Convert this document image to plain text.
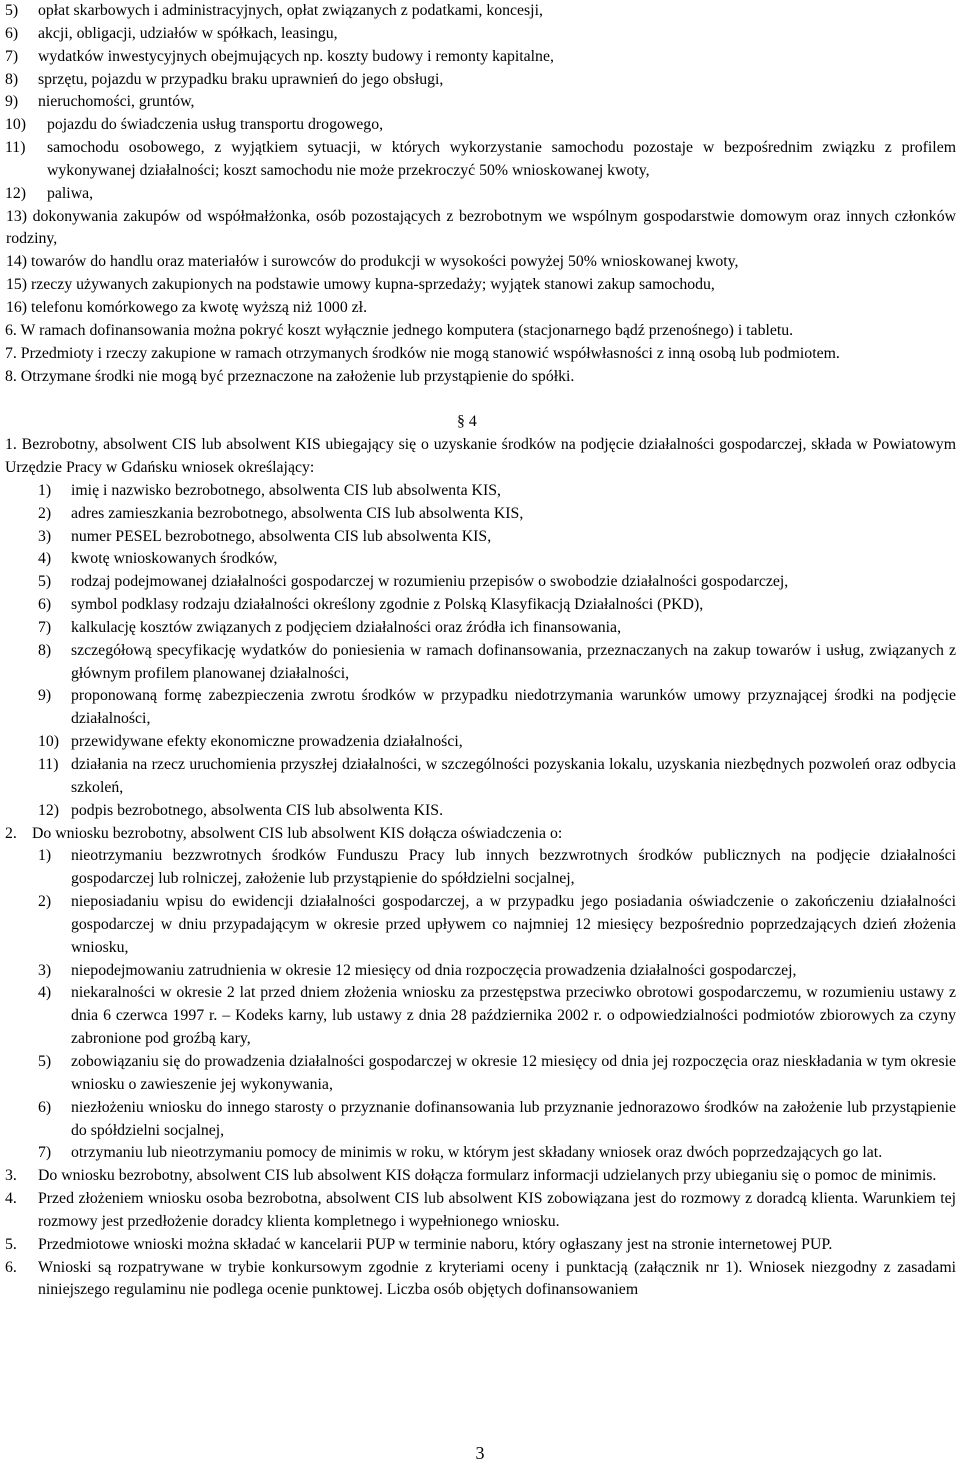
5)	opłat skarbowych i administracyjnych, opłat związanych z podatkami, koncesji,
6)	akcji, obligacji, udziałów w spółkach, leasingu,
7)	wydatków inwestycyjnych obejmujących np. koszty budowy i remonty kapitalne,
8)	sprzętu, pojazdu w przypadku braku uprawnień do jego obsługi,
9)	nieruchomości, gruntów,
10)	pojazdu do świadczenia usług transportu drogowego,
11)	samochodu osobowego, z wyjątkiem sytuacji, w których wykorzystanie samochodu pozostaje w bezpośrednim związku z profilem wykonywanej działalności; koszt samochodu nie może przekroczyć 50% wnioskowanej kwoty,
12)	paliwa,
13) dokonywania zakupów od współmałżonka, osób pozostających z bezrobotnym we wspólnym gospodarstwie domowym oraz innych członków rodziny,
14) towarów do handlu oraz materiałów i surowców do produkcji w wysokości powyżej 50% wnioskowanej kwoty,
15) rzeczy używanych zakupionych na podstawie umowy kupna-sprzedaży; wyjątek stanowi zakup samochodu,
16) telefonu komórkowego za kwotę wyższą niż 1000 zł.
6. W ramach dofinansowania można pokryć koszt wyłącznie jednego komputera (stacjonarnego bądź przenośnego) i tabletu.
7. Przedmioty i rzeczy zakupione w ramach otrzymanych środków nie mogą stanowić współwłasności z inną osobą lub podmiotem.
8. Otrzymane środki nie mogą być przeznaczone na założenie lub przystąpienie do spółki.
§ 4
1. Bezrobotny, absolwent CIS lub absolwent KIS ubiegający się o uzyskanie środków na podjęcie działalności gospodarczej, składa w Powiatowym Urzędzie Pracy w Gdańsku wniosek określający:
1)	imię i nazwisko bezrobotnego, absolwenta CIS lub absolwenta KIS,
2)	adres zamieszkania bezrobotnego, absolwenta CIS lub absolwenta KIS,
3)	numer PESEL bezrobotnego, absolwenta CIS lub absolwenta KIS,
4)	kwotę wnioskowanych środków,
5)	rodzaj podejmowanej działalności gospodarczej w rozumieniu przepisów o swobodzie działalności gospodarczej,
6)	symbol podklasy rodzaju działalności określony zgodnie z Polską Klasyfikacją Działalności (PKD),
7)	kalkulację kosztów związanych z podjęciem działalności oraz źródła ich finansowania,
8)	szczegółową specyfikację wydatków do poniesienia w ramach dofinansowania, przeznaczanych na zakup towarów i usług, związanych z głównym profilem planowanej działalności,
9)	proponowaną formę zabezpieczenia zwrotu środków w przypadku niedotrzymania warunków umowy przyznającej środki na podjęcie działalności,
10) przewidywane efekty ekonomiczne prowadzenia działalności,
11) działania na rzecz uruchomienia przyszłej działalności, w szczególności pozyskania lokalu, uzyskania niezbędnych pozwoleń oraz odbycia szkoleń,
12) podpis bezrobotnego, absolwenta CIS lub absolwenta KIS.
2. Do wniosku bezrobotny, absolwent CIS lub absolwent KIS dołącza oświadczenia o:
1)	nieotrzymaniu bezzwrotnych środków Funduszu Pracy lub innych bezzwrotnych środków publicznych na podjęcie działalności gospodarczej lub rolniczej, założenie lub przystąpienie do spółdzielni socjalnej,
2)	nieposiadaniu wpisu do ewidencji działalności gospodarczej, a w przypadku jego posiadania oświadczenie o zakończeniu działalności gospodarczej w dniu przypadającym w okresie przed upływem co najmniej 12 miesięcy bezpośrednio poprzedzających dzień złożenia wniosku,
3)	niepodejmowaniu zatrudnienia w okresie 12 miesięcy od dnia rozpoczęcia prowadzenia działalności gospodarczej,
4)	niekaralności w okresie 2 lat przed dniem złożenia wniosku za przestępstwa przeciwko obrotowi gospodarczemu, w rozumieniu ustawy z dnia 6 czerwca 1997 r. – Kodeks karny, lub ustawy z dnia 28 października 2002 r. o odpowiedzialności podmiotów zbiorowych za czyny zabronione pod groźbą kary,
5)	zobowiązaniu się do prowadzenia działalności gospodarczej w okresie 12 miesięcy od dnia jej rozpoczęcia oraz nieskładania w tym okresie wniosku o zawieszenie jej wykonywania,
6)	niezłożeniu wniosku do innego starosty o przyznanie dofinansowania lub przyznanie jednorazowo środków na założenie lub przystąpienie do spółdzielni socjalnej,
7)	otrzymaniu lub nieotrzymaniu pomocy de minimis w roku, w którym jest składany wniosek oraz dwóch poprzedzających go lat.
3.	Do wniosku bezrobotny, absolwent CIS lub absolwent KIS dołącza formularz informacji udzielanych przy ubieganiu się o pomoc de minimis.
4.	Przed złożeniem wniosku osoba bezrobotna, absolwent CIS lub absolwent KIS zobowiązana jest do rozmowy z doradcą klienta. Warunkiem tej rozmowy jest przedłożenie doradcy klienta kompletnego i wypełnionego wniosku.
5.	Przedmiotowe wnioski można składać w kancelarii PUP w terminie naboru, który ogłaszany jest na stronie internetowej PUP.
6.	Wnioski są rozpatrywane w trybie konkursowym zgodnie z kryteriami oceny i punktacją (załącznik nr 1). Wniosek niezgodny z zasadami niniejszego regulaminu nie podlega ocenie punktowej. Liczba osób objętych dofinansowaniem
3
